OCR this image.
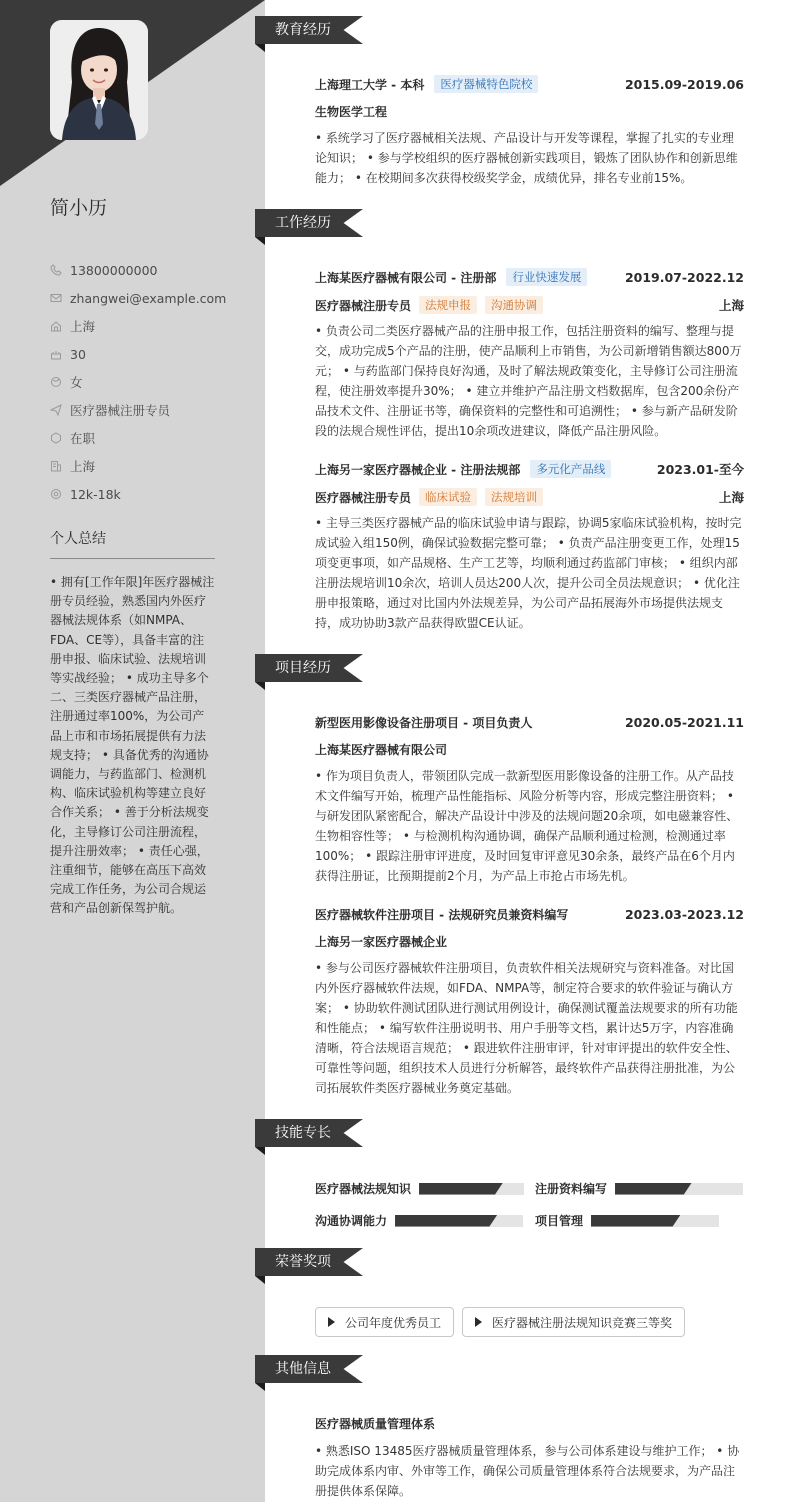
简小历
13800000000
zhangwei@example.com
上海
30
女
医疗器械注册专员
在职
上海
12k-18k
个人总结
• 拥有[工作年限]年医疗器械注册专员经验，熟悉国内外医疗器械法规体系（如NMPA、FDA、CE等），具备丰富的注册申报、临床试验、法规培训等实战经验； • 成功主导多个二、三类医疗器械产品注册，注册通过率100%，为公司产品上市和市场拓展提供有力法规支持； • 具备优秀的沟通协调能力，与药监部门、检测机构、临床试验机构等建立良好合作关系； • 善于分析法规变化，主导修订公司注册流程，提升注册效率； • 责任心强，注重细节，能够在高压下高效完成工作任务，为公司合规运营和产品创新保驾护航。
教育经历
上海理工大学 - 本科	医疗器械特色院校	2015.09-2019.06
生物医学工程
• 系统学习了医疗器械相关法规、产品设计与开发等课程，掌握了扎实的专业理论知识； • 参与学校组织的医疗器械创新实践项目，锻炼了团队协作和创新思维能力； • 在校期间多次获得校级奖学金，成绩优异，排名专业前15%。
工作经历
上海某医疗器械有限公司 - 注册部	行业快速发展	2019.07-2022.12
医疗器械注册专员	法规申报	沟通协调	上海
• 负责公司二类医疗器械产品的注册申报工作，包括注册资料的编写、整理与提交，成功完成5个产品的注册，使产品顺利上市销售，为公司新增销售额达800万元； • 与药监部门保持良好沟通，及时了解法规政策变化，主导修订公司注册流程，使注册效率提升30%； • 建立并维护产品注册文档数据库，包含200余份产品技术文件、注册证书等，确保资料的完整性和可追溯性； • 参与新产品研发阶段的法规合规性评估，提出10余项改进建议，降低产品注册风险。
上海另一家医疗器械企业 - 注册法规部	多元化产品线	2023.01-至今
医疗器械注册专员	临床试验	法规培训	上海
• 主导三类医疗器械产品的临床试验申请与跟踪，协调5家临床试验机构，按时完成试验入组150例，确保试验数据完整可靠； • 负责产品注册变更工作，处理15项变更事项，如产品规格、生产工艺等，均顺利通过药监部门审核； • 组织内部注册法规培训10余次，培训人员达200人次，提升公司全员法规意识； • 优化注册申报策略，通过对比国内外法规差异，为公司产品拓展海外市场提供法规支持，成功协助3款产品获得欧盟CE认证。
项目经历
新型医用影像设备注册项目 - 项目负责人	2020.05-2021.11
上海某医疗器械有限公司
• 作为项目负责人，带领团队完成一款新型医用影像设备的注册工作。从产品技术文件编写开始，梳理产品性能指标、风险分析等内容，形成完整注册资料； • 与研发团队紧密配合，解决产品设计中涉及的法规问题20余项，如电磁兼容性、生物相容性等； • 与检测机构沟通协调，确保产品顺利通过检测，检测通过率100%； • 跟踪注册审评进度，及时回复审评意见30余条，最终产品在6个月内获得注册证，比预期提前2个月，为产品上市抢占市场先机。
医疗器械软件注册项目 - 法规研究员兼资料编写	2023.03-2023.12
上海另一家医疗器械企业
• 参与公司医疗器械软件注册项目，负责软件相关法规研究与资料准备。对比国内外医疗器械软件法规，如FDA、NMPA等，制定符合要求的软件验证与确认方案； • 协助软件测试团队进行测试用例设计，确保测试覆盖法规要求的所有功能和性能点； • 编写软件注册说明书、用户手册等文档，累计达5万字，内容准确清晰，符合法规语言规范； • 跟进软件注册审评，针对审评提出的软件安全性、可靠性等问题，组织技术人员进行分析解答，最终软件产品获得注册批准，为公司拓展软件类医疗器械业务奠定基础。
技能专长
医疗器械法规知识	注册资料编写
沟通协调能力	项目管理
荣誉奖项
公司年度优秀员工	医疗器械注册法规知识竞赛三等奖
其他信息
医疗器械质量管理体系
• 熟悉ISO 13485医疗器械质量管理体系，参与公司体系建设与维护工作； • 协助完成体系内审、外审等工作，确保公司质量管理体系符合法规要求，为产品注册提供体系保障。
